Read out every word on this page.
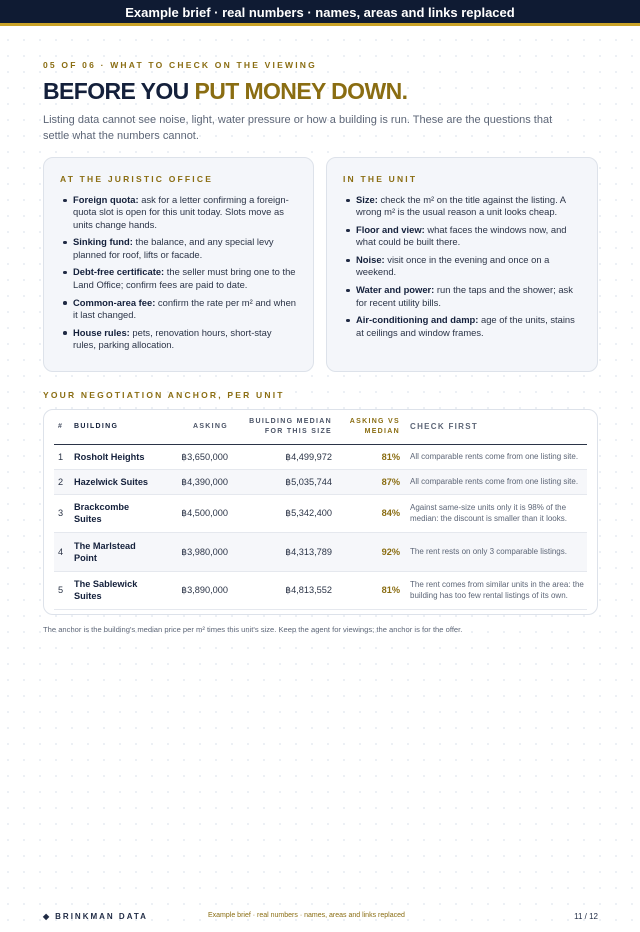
Example brief · real numbers · names, areas and links replaced
05 OF 06 · WHAT TO CHECK ON THE VIEWING
BEFORE YOU PUT MONEY DOWN.
Listing data cannot see noise, light, water pressure or how a building is run. These are the questions that settle what the numbers cannot.
AT THE JURISTIC OFFICE
Foreign quota: ask for a letter confirming a foreign-quota slot is open for this unit today. Slots move as units change hands.
Sinking fund: the balance, and any special levy planned for roof, lifts or facade.
Debt-free certificate: the seller must bring one to the Land Office; confirm fees are paid to date.
Common-area fee: confirm the rate per m² and when it last changed.
House rules: pets, renovation hours, short-stay rules, parking allocation.
IN THE UNIT
Size: check the m² on the title against the listing. A wrong m² is the usual reason a unit looks cheap.
Floor and view: what faces the windows now, and what could be built there.
Noise: visit once in the evening and once on a weekend.
Water and power: run the taps and the shower; ask for recent utility bills.
Air-conditioning and damp: age of the units, stains at ceilings and window frames.
YOUR NEGOTIATION ANCHOR, PER UNIT
#	BUILDING	ASKING	BUILDING MEDIAN FOR THIS SIZE	ASKING VS MEDIAN	CHECK FIRST
1	Rosholt Heights	฿3,650,000	฿4,499,972	81%	All comparable rents come from one listing site.
2	Hazelwick Suites	฿4,390,000	฿5,035,744	87%	All comparable rents come from one listing site.
3	Brackcombe Suites	฿4,500,000	฿5,342,400	84%	Against same-size units only it is 98% of the median: the discount is smaller than it looks.
4	The Marlstead Point	฿3,980,000	฿4,313,789	92%	The rent rests on only 3 comparable listings.
5	The Sablewick Suites	฿3,890,000	฿4,813,552	81%	The rent comes from similar units in the area: the building has too few rental listings of its own.
The anchor is the building's median price per m² times this unit's size. Keep the agent for viewings; the anchor is for the offer.
◆ BRINKMAN DATA	Example brief · real numbers · names, areas and links replaced	11 / 12
